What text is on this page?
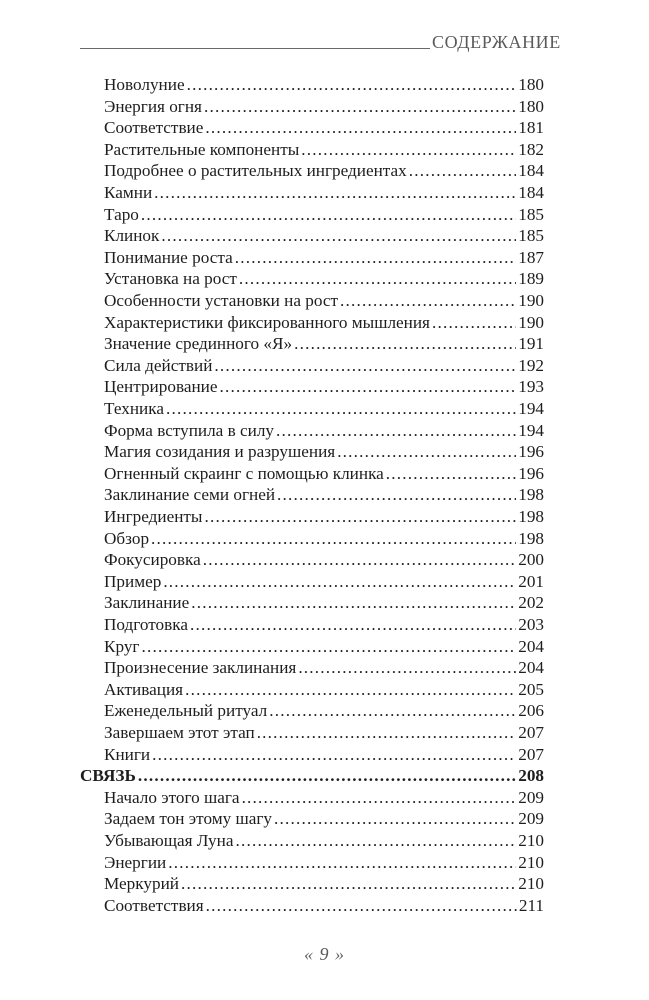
СОДЕРЖАНИЕ
Новолуние .....	180
Энергия огня .....	180
Соответствие .....	181
Растительные компоненты .....	182
Подробнее о растительных ингредиентах .....	184
Камни .....	184
Таро .....	185
Клинок .....	185
Понимание роста .....	187
Установка на рост .....	189
Особенности установки на рост .....	190
Характеристики фиксированного мышления .....	190
Значение срединного «Я» .....	191
Сила действий .....	192
Центрирование .....	193
Техника .....	194
Форма вступила в силу .....	194
Магия созидания и разрушения .....	196
Огненный скраинг с помощью клинка .....	196
Заклинание семи огней .....	198
Ингредиенты .....	198
Обзор .....	198
Фокусировка .....	200
Пример .....	201
Заклинание .....	202
Подготовка .....	203
Круг .....	204
Произнесение заклинания .....	204
Активация .....	205
Еженедельный ритуал .....	206
Завершаем этот этап .....	207
Книги .....	207
СВЯЗЬ .....	208
Начало этого шага .....	209
Задаем тон этому шагу .....	209
Убывающая Луна .....	210
Энергии .....	210
Меркурий .....	210
Соответствия .....	211
« 9 »
